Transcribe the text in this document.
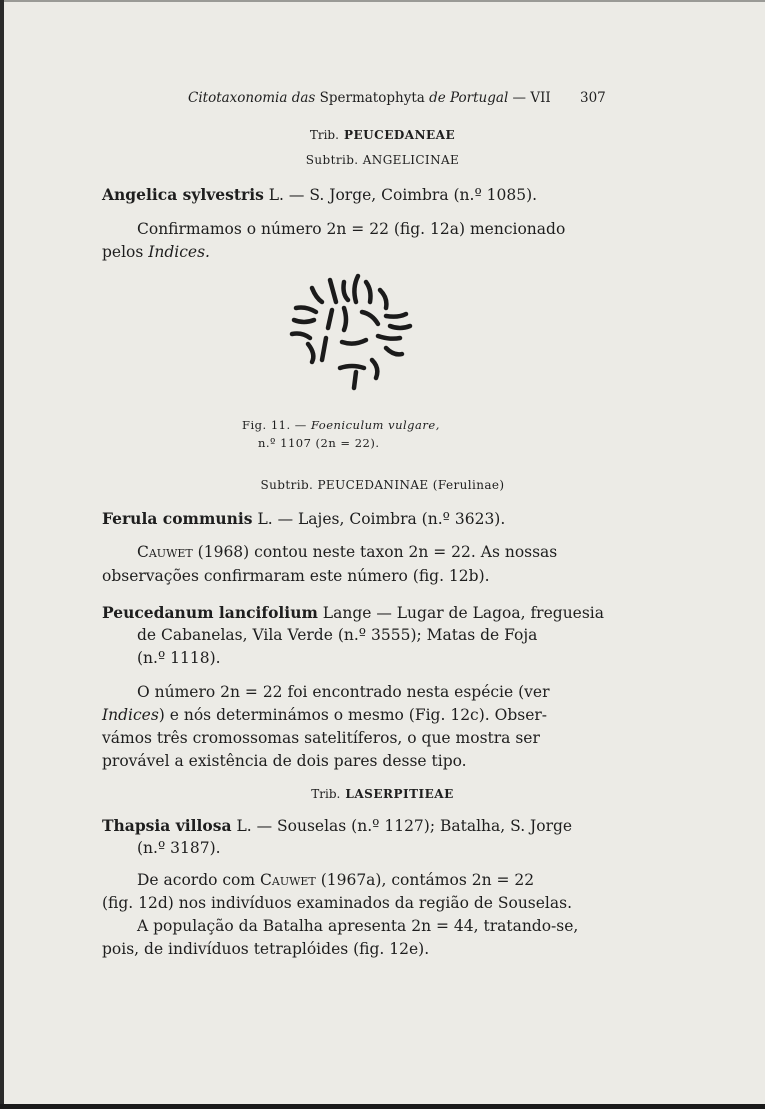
Citotaxonomia das Spermatophyta de Portugal — VII 307
Trib. PEUCEDANEAE
Subtrib. ANGELICINAE
Angelica sylvestris L. — S. Jorge, Coimbra (n.º 1085).
Confirmamos o número 2n = 22 (fig. 12a) mencionado
pelos Indices.
Fig. 11. — Foeniculum vulgare,
n.º 1107 (2n = 22).
Subtrib. PEUCEDANINAE (Ferulinae)
Ferula communis L. — Lajes, Coimbra (n.º 3623).
Cauwet (1968) contou neste taxon 2n = 22. As nossas
observações confirmaram este número (fig. 12b).
Peucedanum lancifolium Lange — Lugar de Lagoa, freguesia
de Cabanelas, Vila Verde (n.º 3555); Matas de Foja
(n.º 1118).
O número 2n = 22 foi encontrado nesta espécie (ver
Indices) e nós determinámos o mesmo (Fig. 12c). Obser-
vámos três cromossomas satelitíferos, o que mostra ser
provável a existência de dois pares desse tipo.
Trib. LASERPITIEAE
Thapsia villosa L. — Souselas (n.º 1127); Batalha, S. Jorge
(n.º 3187).
De acordo com Cauwet (1967a), contámos 2n = 22
(fig. 12d) nos indivíduos examinados da região de Souselas.
A população da Batalha apresenta 2n = 44, tratando-se,
pois, de indivíduos tetraplóides (fig. 12e).
